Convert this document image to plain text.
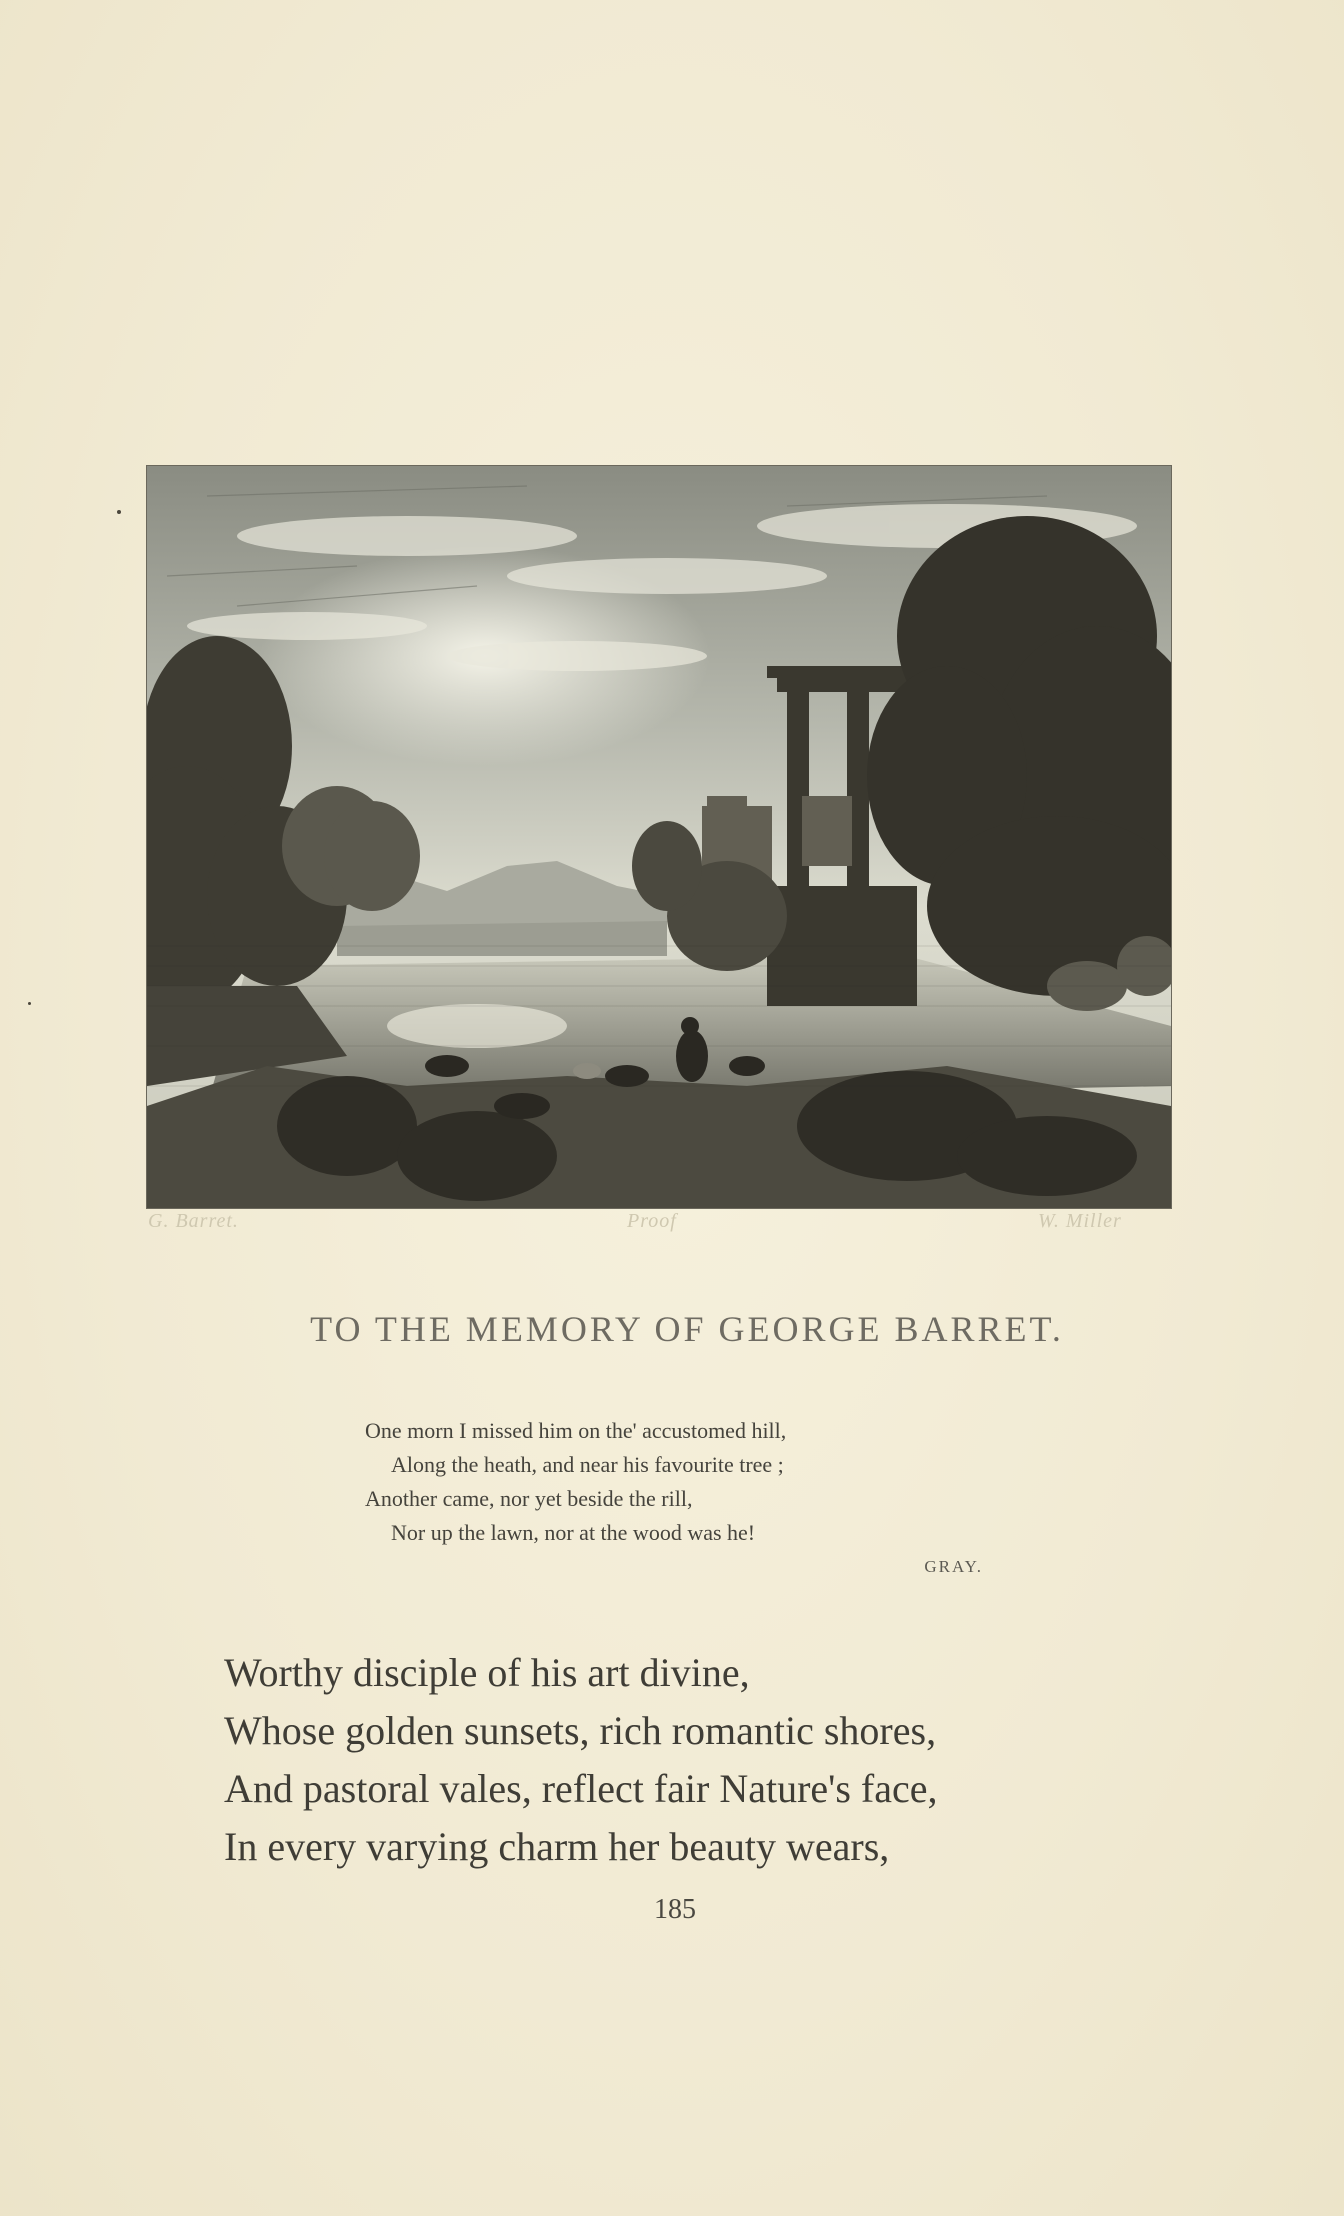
G. Barret.	Proof	W. Miller
TO THE MEMORY OF GEORGE BARRET.
One morn I missed him on the' accustomed hill,
Along the heath, and near his favourite tree ;
Another came, nor yet beside the rill,
Nor up the lawn, nor at the wood was he!
GRAY.
Worthy disciple of his art divine,
Whose golden sunsets, rich romantic shores,
And pastoral vales, reflect fair Nature's face,
In every varying charm her beauty wears,
185
